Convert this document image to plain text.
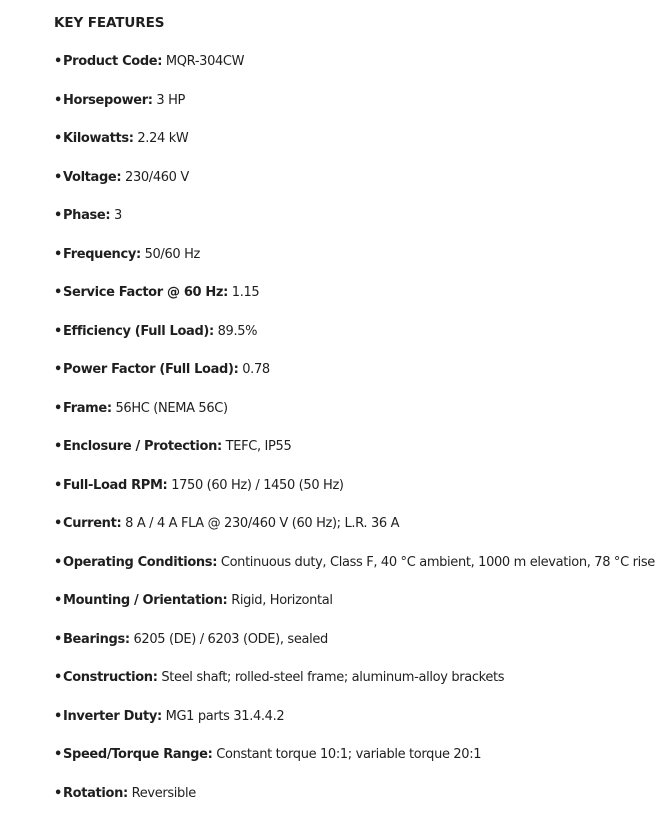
KEY FEATURES
•Product Code: MQR-304CW
•Horsepower: 3 HP
•Kilowatts: 2.24 kW
•Voltage: 230/460 V
•Phase: 3
•Frequency: 50/60 Hz
•Service Factor @ 60 Hz: 1.15
•Efficiency (Full Load): 89.5%
•Power Factor (Full Load): 0.78
•Frame: 56HC (NEMA 56C)
•Enclosure / Protection: TEFC, IP55
•Full-Load RPM: 1750 (60 Hz) / 1450 (50 Hz)
•Current: 8 A / 4 A FLA @ 230/460 V (60 Hz); L.R. 36 A
•Operating Conditions: Continuous duty, Class F, 40 °C ambient, 1000 m elevation, 78 °C rise
•Mounting / Orientation: Rigid, Horizontal
•Bearings: 6205 (DE) / 6203 (ODE), sealed
•Construction: Steel shaft; rolled-steel frame; aluminum-alloy brackets
•Inverter Duty: MG1 parts 31.4.4.2
•Speed/Torque Range: Constant torque 10:1; variable torque 20:1
•Rotation: Reversible
